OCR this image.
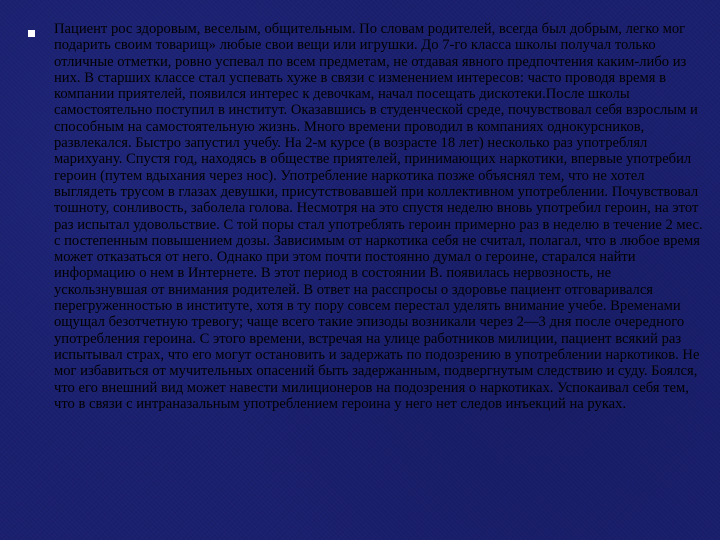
Пациент рос здоровым, веселым, общительным. По словам родителей, всегда был добрым, легко мог подарить своим товарищ» любые свои вещи или игрушки. До 7-го класса школы получал только отличные отметки, ровно успевал по всем предметам, не отдавая явного предпочтения каким-либо из них. В старших классе стал успевать хуже в связи с изменением интересов: часто проводя время в компании приятелей, появился интерес к девочкам, начал посещать дискотеки.После школы самостоятельно поступил в институт. Оказавшись в студенческой среде, почувствовал себя взрослым и способным на самостоятельную жизнь. Много времени проводил в компаниях однокурсников, развлекался. Быстро запустил учебу. На 2-м курсе (в возрасте 18 лет) несколько раз употреблял марихуану. Спустя год, находясь в обществе приятелей, принимающих наркотики, впервые употребил героин (путем вдыхания через нос). Употребление наркотика позже объяснял тем, что не хотел выглядеть трусом в глазах девушки, присутствовавшей при коллективном употреблении. Почувствовал тошноту, сонливость, заболела голова. Несмотря на это спустя неделю вновь употребил героин, на этот раз испытал удовольствие. С той поры стал употреблять героин примерно раз в неделю в течение 2 мес. с постепенным повышением дозы. Зависимым от наркотика себя не считал, полагал, что в любое время может отказаться от него. Однако при этом почти постоянно думал о героине, старался найти информацию о нем в Интернете. В этот период в состоянии В. появилась нервозность, не ускользнувшая от внимания родителей. В ответ на расспросы о здоровье пациент отговаривался перегруженностью в институте, хотя в ту пору совсем перестал уделять внимание учебе. Временами ощущал безотчетную тревогу; чаще всего такие эпизоды возникали через 2—3 дня после очередного употребления героина. С этого времени, встречая на улице работников милиции, пациент всякий раз испытывал страх, что его могут остановить и задержать по подозрению в употреблении наркотиков. Не мог избавиться от мучительных опасений быть задержанным, подвергнутым следствию и суду. Боялся, что его внешний вид может навести милиционеров на подозрения о наркотиках. Успокаивал себя тем, что в связи с интраназальным употреблением героина у него нет следов инъекций на руках.
